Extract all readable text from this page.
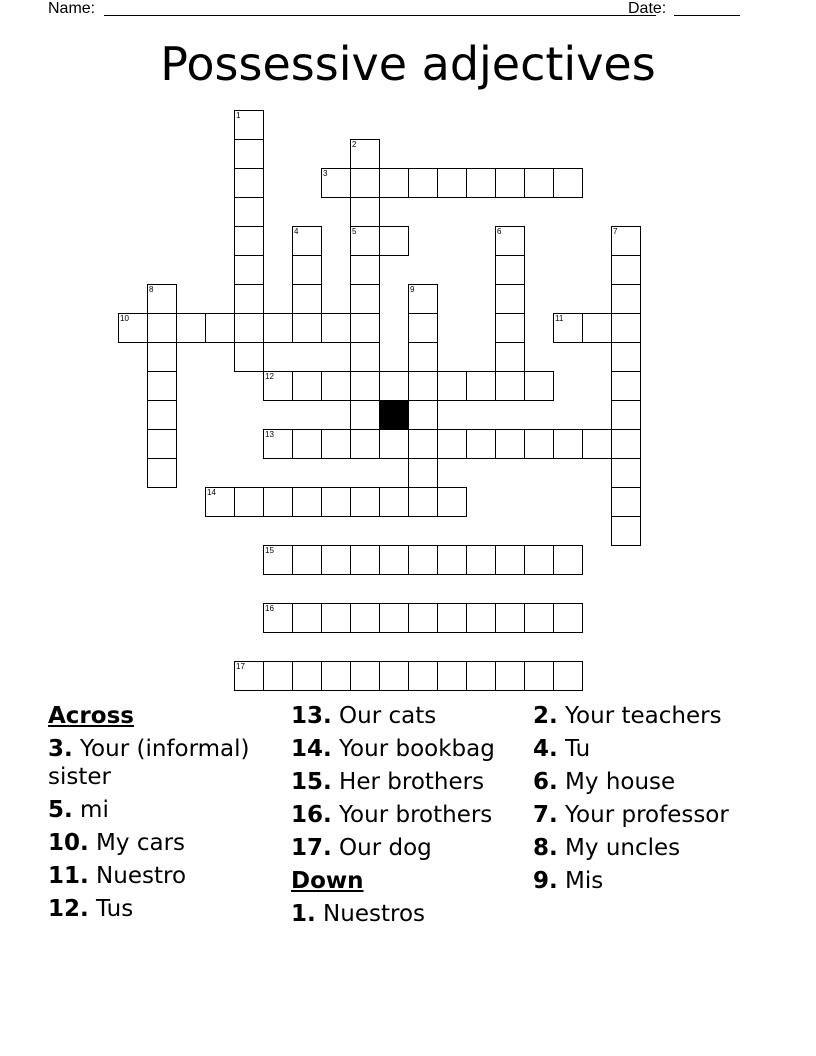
Name:	Date:
Possessive adjectives
1
2
5
3
4	6	7
8	9
10	11
12
13
14
15
16
17
Across
3. Your (informal) sister
5. mi
10. My cars
11. Nuestro
12. Tus
13. Our cats
14. Your bookbag
15. Her brothers
16. Your brothers
17. Our dog
Down
1. Nuestros
2. Your teachers
4. Tu
6. My house
7. Your professor
8. My uncles
9. Mis
